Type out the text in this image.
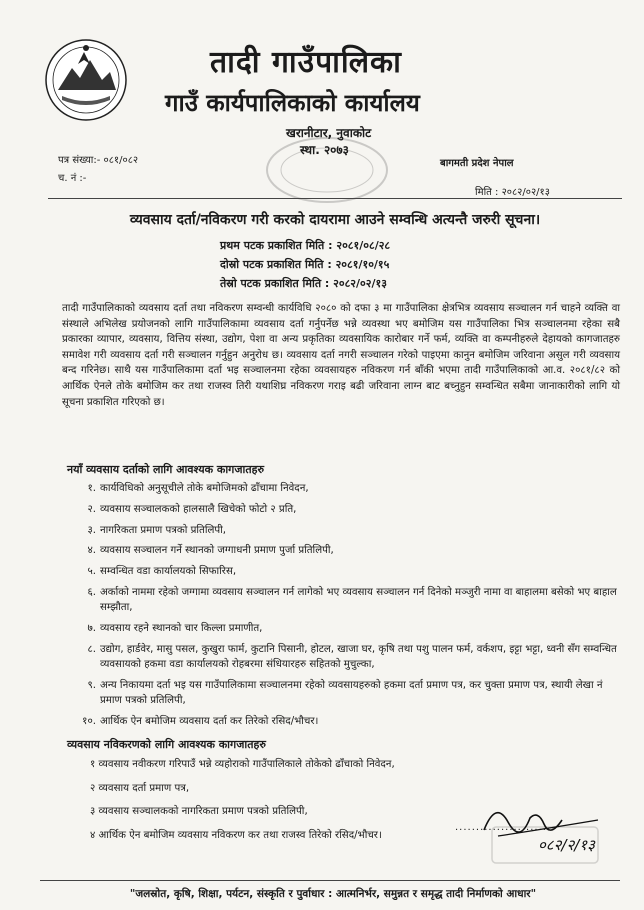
तादी गाउँपालिका
गाउँ कार्यपालिकाको कार्यालय
खरानीटार, नुवाकोट
स्था. २०७३
पत्र संख्या:- ०८१/०८२
च. नं :-
बागमती प्रदेश नेपाल
मिति : २०८२/०२/१३
व्यवसाय दर्ता/नविकरण गरी करको दायरामा आउने सम्वन्धि अत्यन्तै जरुरी सूचना।
प्रथम पटक प्रकाशित मिति : २०८१/०८/२८
दोस्रो पटक प्रकाशित मिति : २०८१/१०/१५
तेस्रो पटक प्रकाशित मिति : २०८२/०२/१३
तादी गाउँपालिकाको व्यवसाय दर्ता तथा नविकरण सम्वन्धी कार्यविधि २०८० को दफा ३ मा गाउँपालिका क्षेत्रभित्र व्यवसाय सञ्चालन गर्न चाहने व्यक्ति वा संस्थाले अभिलेख प्रयोजनको लागि गाउँपालिकामा व्यवसाय दर्ता गर्नुपर्नेछ भन्ने व्यवस्था भए बमोजिम यस गाउँपालिका भित्र सञ्चालनमा रहेका सबै प्रकारका व्यापार, व्यवसाय, वित्तिय संस्था, उद्योग, पेशा वा अन्य प्रकृतिका व्यवसायिक कारोबार गर्ने फर्म, व्यक्ति वा कम्पनीहरुले देहायको कागजातहरु समावेश गरी व्यवसाय दर्ता गरी सञ्चालन गर्नुहुन अनुरोध छ। व्यवसाय दर्ता नगरी सञ्चालन गरेको पाइएमा कानुन बमोजिम जरिवाना असुल गरी व्यवसाय बन्द गरिनेछ। साथै यस गाउँपालिकामा दर्ता भइ सञ्चालनमा रहेका व्यवसायहरु नविकरण गर्न बाँकी भएमा तादी गाउँपालिकाको आ.व. २०८१/८२ को आर्थिक ऐनले तोके बमोजिम कर तथा राजस्व तिरी यथाशिघ्र नविकरण गराइ बढी जरिवाना लाग्न बाट बच्नुहुन सम्वन्धित सबैमा जानाकारीको लागि यो सूचना प्रकाशित गरिएको छ।
नयाँ व्यवसाय दर्ताको लागि आवश्यक कागजातहरु
१. कार्यविधिको अनुसूचीले तोके बमोजिमको ढाँचामा निवेदन,
२. व्यवसाय सञ्चालकको हालसालै खिचेको फोटो २ प्रति,
३. नागरिकता प्रमाण पत्रको प्रतिलिपी,
४. व्यवसाय सञ्चालन गर्ने स्थानको जग्गाधनी प्रमाण पुर्जा प्रतिलिपी,
५. सम्वन्धित वडा कार्यालयको सिफारिस,
६. अर्काको नाममा रहेको जग्गामा व्यवसाय सञ्चालन गर्न लागेको भए व्यवसाय सञ्चालन गर्न दिनेको मञ्जुरी नामा वा बाहालमा बसेको भए बाहाल सम्झौता,
७. व्यवसाय रहने स्थानको चार किल्ला प्रमाणीत,
८. उद्योग, हार्डवेर, मासु पसल, कुखुरा फार्म, कुटानि पिसानी, होटल, खाजा घर, कृषि तथा पशु पालन फर्म, वर्कशप, इट्टा भट्टा, ध्वनी सँग सम्वन्धित व्यवसायको हकमा वडा कार्यालयको रोहबरमा संधियारहरु सहितको मुचुल्का,
९. अन्य निकायमा दर्ता भइ यस गाउँपालिकामा सञ्चालनमा रहेको व्यवसायहरुको हकमा दर्ता प्रमाण पत्र, कर चुक्ता प्रमाण पत्र, स्थायी लेखा नं प्रमाण पत्रको प्रतिलिपी,
१०. आर्थिक ऐन बमोजिम व्यवसाय दर्ता कर तिरेको रसिद/भौचर।
व्यवसाय नविकरणको लागि आवश्यक कागजातहरु
१ व्यवसाय नवीकरण गरिपाउँ भन्ने व्यहोराको गाउँपालिकाले तोकेको ढाँचाको निवेदन,
२ व्यवसाय दर्ता प्रमाण पत्र,
३ व्यवसाय सञ्चालकको नागरिकता प्रमाण पत्रको प्रतिलिपी,
४ आर्थिक ऐन बमोजिम व्यवसाय नविकरण कर तथा राजस्व तिरेको रसिद/भौचर।
........................
०८२/२/१३
"जलस्रोत, कृषि, शिक्षा, पर्यटन, संस्कृति र पुर्वाधार : आत्मनिर्भर, समुन्नत र समृद्ध तादी निर्माणको आधार"
